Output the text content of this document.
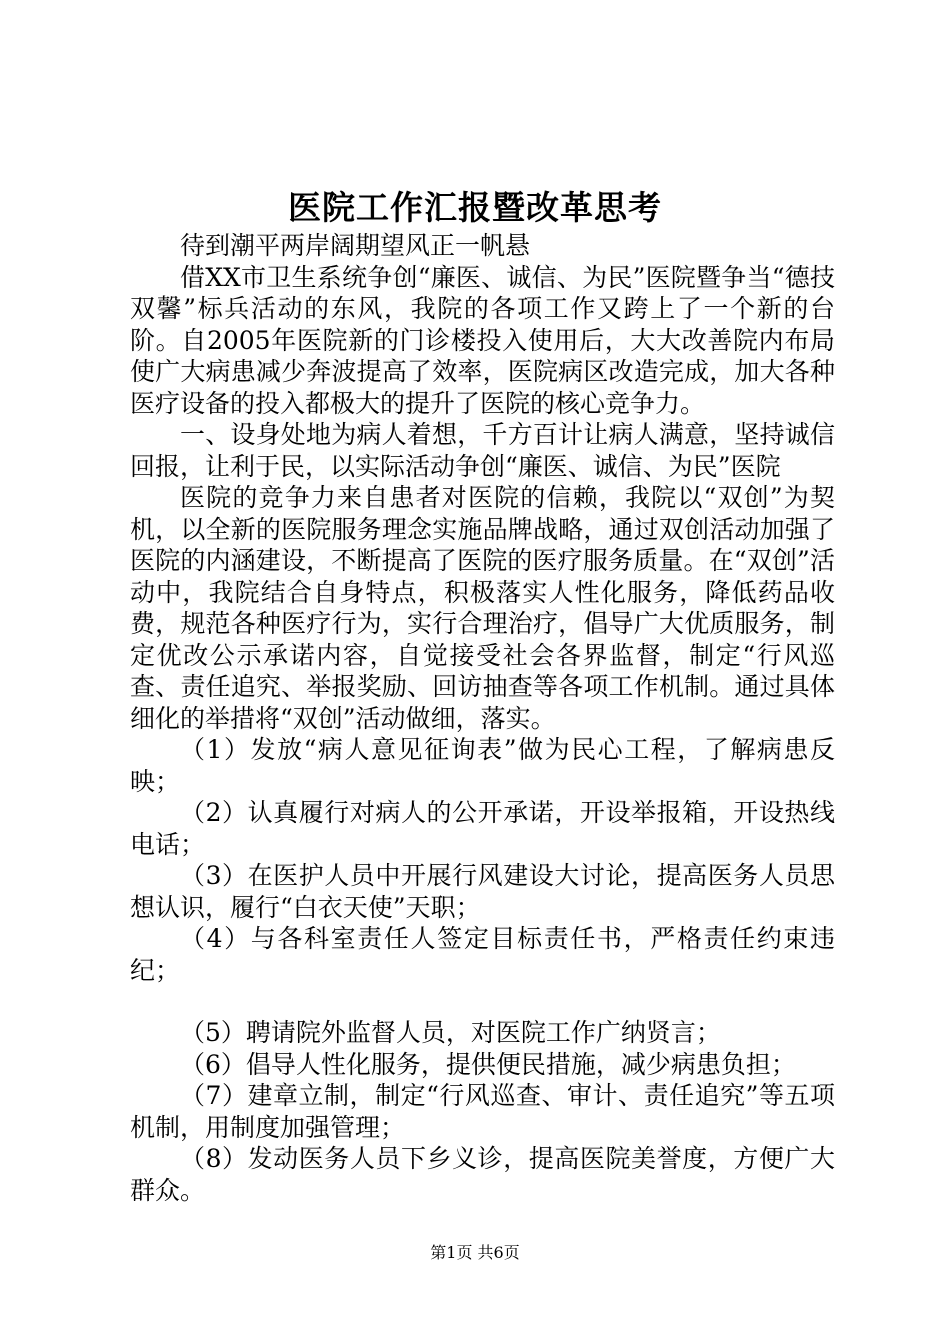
医院工作汇报暨改革思考

待到潮平两岸阔期望风正一帆悬

借XX市卫生系统争创“廉医、诚信、为民”医院暨争当“德技双馨”标兵活动的东风，我院的各项工作又跨上了一个新的台阶。自2005年医院新的门诊楼投入使用后，大大改善院内布局使广大病患减少奔波提高了效率，医院病区改造完成，加大各种医疗设备的投入都极大的提升了医院的核心竞争力。

一、设身处地为病人着想，千方百计让病人满意，坚持诚信回报，让利于民，以实际活动争创“廉医、诚信、为民”医院

医院的竞争力来自患者对医院的信赖，我院以“双创”为契机，以全新的医院服务理念实施品牌战略，通过双创活动加强了医院的内涵建设，不断提高了医院的医疗服务质量。在“双创”活动中，我院结合自身特点，积极落实人性化服务，降低药品收费，规范各种医疗行为，实行合理治疗，倡导广大优质服务，制定优改公示承诺内容，自觉接受社会各界监督，制定“行风巡查、责任追究、举报奖励、回访抽查等各项工作机制。通过具体细化的举措将“双创”活动做细，落实。

（1）发放“病人意见征询表”做为民心工程，了解病患反映；

（2）认真履行对病人的公开承诺，开设举报箱，开设热线电话；

（3）在医护人员中开展行风建设大讨论，提高医务人员思想认识，履行“白衣天使”天职；

（4）与各科室责任人签定目标责任书，严格责任约束违纪；

（5）聘请院外监督人员，对医院工作广纳贤言；

（6）倡导人性化服务，提供便民措施，减少病患负担；

（7）建章立制，制定“行风巡查、审计、责任追究”等五项机制，用制度加强管理；

（8）发动医务人员下乡义诊，提高医院美誉度，方便广大群众。

第1页 共6页
